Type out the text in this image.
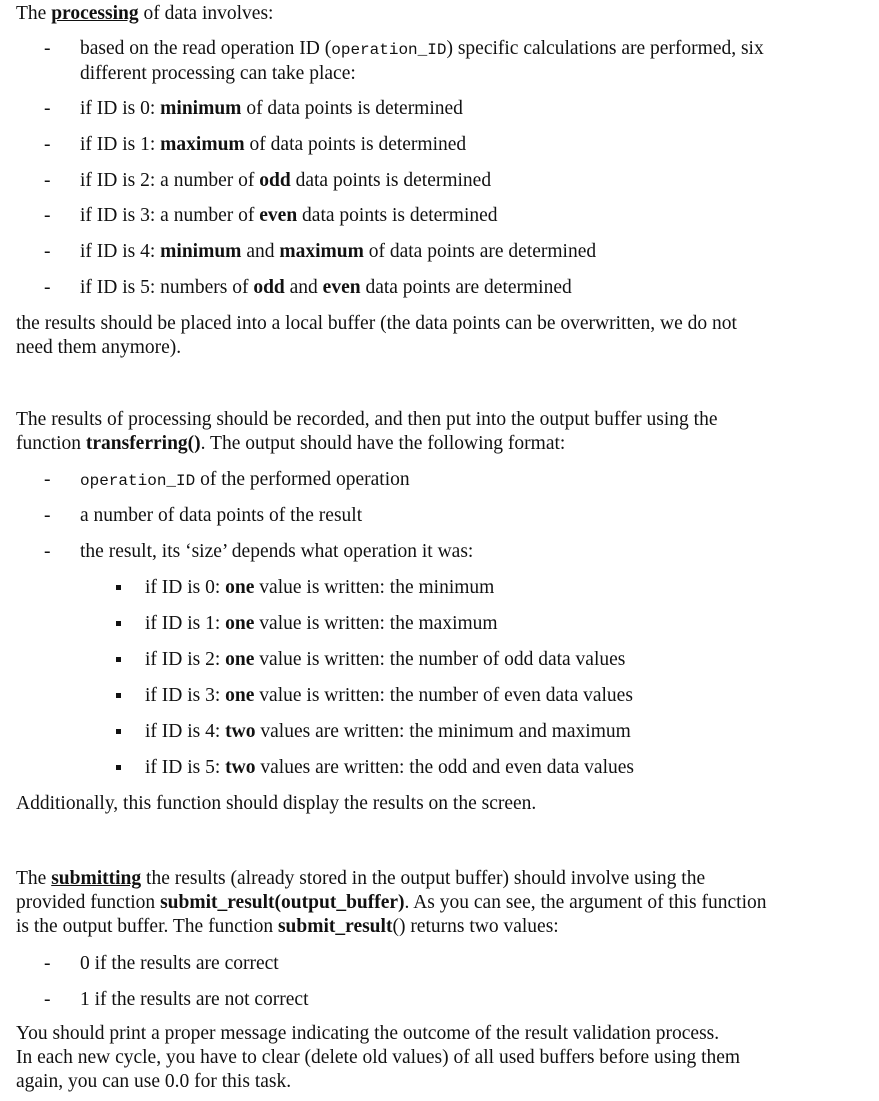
The processing of data involves:

- based on the read operation ID (operation_ID) specific calculations are performed, six
different processing can take place:
- if ID is 0: minimum of data points is determined
- if ID is 1: maximum of data points is determined
- if ID is 2: a number of odd data points is determined
- if ID is 3: a number of even data points is determined
- if ID is 4: minimum and maximum of data points are determined
- if ID is 5: numbers of odd and even data points are determined

the results should be placed into a local buffer (the data points can be overwritten, we do not
need them anymore).

The results of processing should be recorded, and then put into the output buffer using the
function transferring(). The output should have the following format:

- operation_ID of the performed operation
- a number of data points of the result
- the result, its ‘size’ depends what operation it was:
if ID is 0: one value is written: the minimum
if ID is 1: one value is written: the maximum
if ID is 2: one value is written: the number of odd data values
if ID is 3: one value is written: the number of even data values
if ID is 4: two values are written: the minimum and maximum
if ID is 5: two values are written: the odd and even data values

Additionally, this function should display the results on the screen.

The submitting the results (already stored in the output buffer) should involve using the
provided function submit_result(output_buffer). As you can see, the argument of this function
is the output buffer. The function submit_result() returns two values:

- 0 if the results are correct
- 1 if the results are not correct

You should print a proper message indicating the outcome of the result validation process.
In each new cycle, you have to clear (delete old values) of all used buffers before using them
again, you can use 0.0 for this task.
